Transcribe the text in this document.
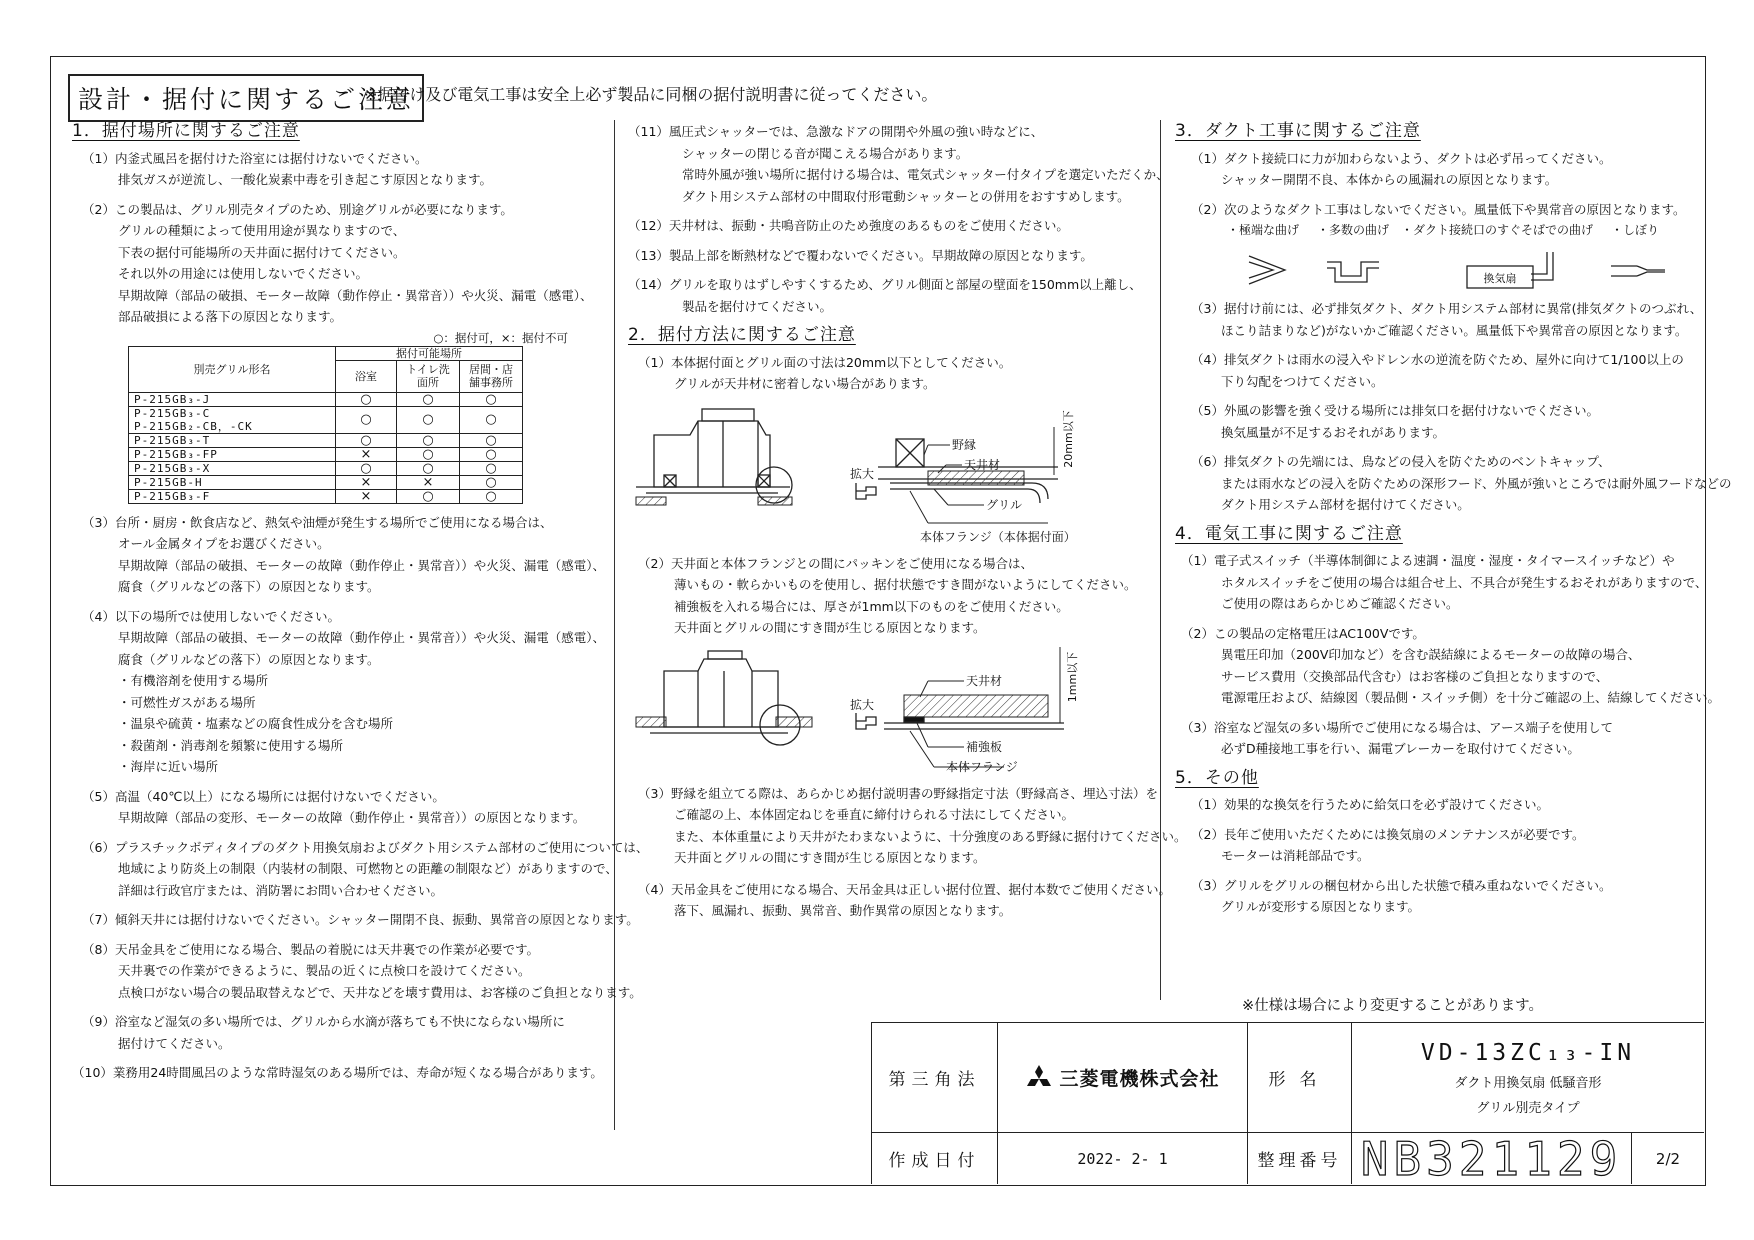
設計・据付に関するご注意
※据付け及び電気工事は安全上必ず製品に同梱の据付説明書に従ってください。
1．据付場所に関するご注意
（1）内釜式風呂を据付けた浴室には据付けないでください。
排気ガスが逆流し、一酸化炭素中毒を引き起こす原因となります。
（2）この製品は、グリル別売タイプのため、別途グリルが必要になります。
グリルの種類によって使用用途が異なりますので、
下表の据付可能場所の天井面に据付けてください。
それ以外の用途には使用しないでください。
早期故障（部品の破損、モーター故障（動作停止・異常音））や火災、漏電（感電）、
部品破損による落下の原因となります。
○：据付可，×：据付不可
別売グリル形名	据付可能場所		
	浴室	トイレ洗面所	居間・店舗事務所
P-215GB₃-J	○	○	○
P-215GB₃-C
P-215GB₂-CB，-CK	○	○	○
P-215GB₃-T	○	○	○
P-215GB₃-FP	×	○	○
P-215GB₃-X	○	○	○
P-215GB-H	×	×	○
P-215GB₃-F	×	○	○
（3）台所・厨房・飲食店など、熱気や油煙が発生する場所でご使用になる場合は、
オール金属タイプをお選びください。
早期故障（部品の破損、モーターの故障（動作停止・異常音））や火災、漏電（感電）、
腐食（グリルなどの落下）の原因となります。
（4）以下の場所では使用しないでください。
早期故障（部品の破損、モーターの故障（動作停止・異常音））や火災、漏電（感電）、
腐食（グリルなどの落下）の原因となります。
・有機溶剤を使用する場所
・可燃性ガスがある場所
・温泉や硫黄・塩素などの腐食性成分を含む場所
・殺菌剤・消毒剤を頻繁に使用する場所
・海岸に近い場所
（5）高温（40℃以上）になる場所には据付けないでください。
早期故障（部品の変形、モーターの故障（動作停止・異常音））の原因となります。
（6）プラスチックボディタイプのダクト用換気扇およびダクト用システム部材のご使用については、
地域により防炎上の制限（内装材の制限、可燃物との距離の制限など）がありますので、
詳細は行政官庁または、消防署にお問い合わせください。
（7）傾斜天井には据付けないでください。シャッター開閉不良、振動、異常音の原因となります。
（8）天吊金具をご使用になる場合、製品の着脱には天井裏での作業が必要です。
天井裏での作業ができるように、製品の近くに点検口を設けてください。
点検口がない場合の製品取替えなどで、天井などを壊す費用は、お客様のご負担となります。
（9）浴室など湿気の多い場所では、グリルから水滴が落ちても不快にならない場所に
据付けてください。
（10）業務用24時間風呂のような常時湿気のある場所では、寿命が短くなる場合があります。
（11）風圧式シャッターでは、急激なドアの開閉や外風の強い時などに、
シャッターの閉じる音が聞こえる場合があります。
常時外風が強い場所に据付ける場合は、電気式シャッター付タイプを選定いただくか、
ダクト用システム部材の中間取付形電動シャッターとの併用をおすすめします。
（12）天井材は、振動・共鳴音防止のため強度のあるものをご使用ください。
（13）製品上部を断熱材などで覆わないでください。早期故障の原因となります。
（14）グリルを取りはずしやすくするため、グリル側面と部屋の壁面を150mm以上離し、
製品を据付けてください。
2．据付方法に関するご注意
（1）本体据付面とグリル面の寸法は20mm以下としてください。
グリルが天井材に密着しない場合があります。
拡大
野縁
天井材
グリル
本体フランジ（本体据付面）
20mm以下
（2）天井面と本体フランジとの間にパッキンをご使用になる場合は、
薄いもの・軟らかいものを使用し、据付状態ですき間がないようにしてください。
補強板を入れる場合には、厚さが1mm以下のものをご使用ください。
天井面とグリルの間にすき間が生じる原因となります。
拡大
天井材
補強板
本体フランジ
1mm以下
（3）野縁を組立てる際は、あらかじめ据付説明書の野縁指定寸法（野縁高さ、埋込寸法）を
ご確認の上、本体固定ねじを垂直に締付けられる寸法にしてください。
また、本体重量により天井がたわまないように、十分強度のある野縁に据付けてください。
天井面とグリルの間にすき間が生じる原因となります。
（4）天吊金具をご使用になる場合、天吊金具は正しい据付位置、据付本数でご使用ください。
落下、風漏れ、振動、異常音、動作異常の原因となります。
3．ダクト工事に関するご注意
（1）ダクト接続口に力が加わらないよう、ダクトは必ず吊ってください。
シャッター開閉不良、本体からの風漏れの原因となります。
（2）次のようなダクト工事はしないでください。風量低下や異常音の原因となります。
・極端な曲げ ・多数の曲げ ・ダクト接続口のすぐそばでの曲げ ・しぼり
換気扇
（3）据付け前には、必ず排気ダクト、ダクト用システム部材に異常(排気ダクトのつぶれ、
ほこり詰まりなど)がないかご確認ください。風量低下や異常音の原因となります。
（4）排気ダクトは雨水の浸入やドレン水の逆流を防ぐため、屋外に向けて1/100以上の
下り勾配をつけてください。
（5）外風の影響を強く受ける場所には排気口を据付けないでください。
換気風量が不足するおそれがあります。
（6）排気ダクトの先端には、鳥などの侵入を防ぐためのベントキャップ、
または雨水などの浸入を防ぐための深形フード、外風が強いところでは耐外風フードなどの
ダクト用システム部材を据付けてください。
4．電気工事に関するご注意
（1）電子式スイッチ（半導体制御による速調・温度・湿度・タイマースイッチなど）や
ホタルスイッチをご使用の場合は組合せ上、不具合が発生するおそれがありますので、
ご使用の際はあらかじめご確認ください。
（2）この製品の定格電圧はAC100Vです。
異電圧印加（200V印加など）を含む誤結線によるモーターの故障の場合、
サービス費用（交換部品代含む）はお客様のご負担となりますので、
電源電圧および、結線図（製品側・スイッチ側）を十分ご確認の上、結線してください。
（3）浴室など湿気の多い場所でご使用になる場合は、アース端子を使用して
必ずD種接地工事を行い、漏電ブレーカーを取付けてください。
5．その他
（1）効果的な換気を行うために給気口を必ず設けてください。
（2）長年ご使用いただくためには換気扇のメンテナンスが必要です。
モーターは消耗部品です。
（3）グリルをグリルの梱包材から出した状態で積み重ねないでください。
グリルが変形する原因となります。
※仕様は場合により変更することがあります。
第三角法	三菱電機株式会社	形名
VD-13ZC₁₃-IN
ダクト用換気扇 低騒音形
グリル別売タイプ
作成日付	2022- 2- 1	整理番号 NB321129 2/2
